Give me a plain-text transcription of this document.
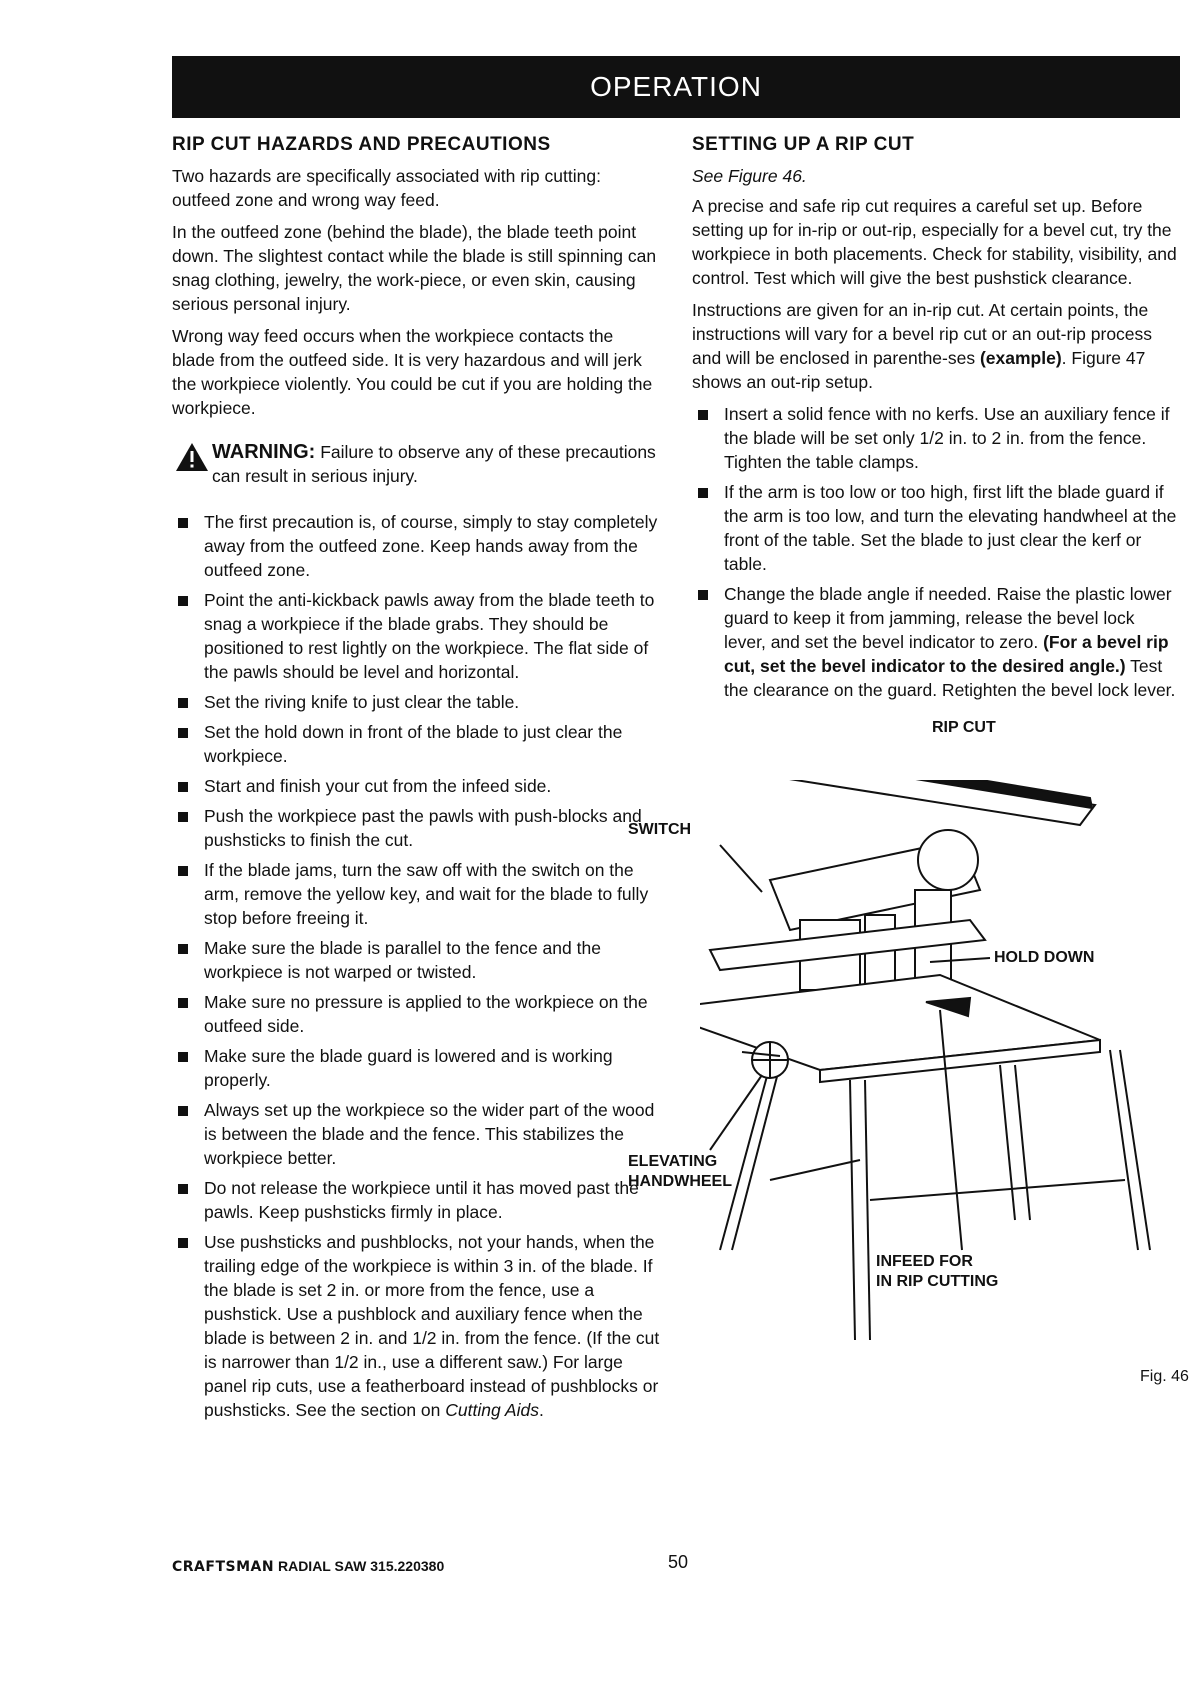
OPERATION
RIP CUT HAZARDS AND PRECAUTIONS

Two hazards are specifically associated with rip cutting: outfeed zone and wrong way feed.

In the outfeed zone (behind the blade), the blade teeth point down. The slightest contact while the blade is still spinning can snag clothing, jewelry, the work-piece, or even skin, causing serious personal injury.

Wrong way feed occurs when the workpiece contacts the blade from the outfeed side. It is very hazardous and will jerk the workpiece violently. You could be cut if you are holding the workpiece.

WARNING: Failure to observe any of these precautions can result in serious injury.

The first precaution is, of course, simply to stay completely away from the outfeed zone. Keep hands away from the outfeed zone.
Point the anti-kickback pawls away from the blade teeth to snag a workpiece if the blade grabs. They should be positioned to rest lightly on the workpiece. The flat side of the pawls should be level and horizontal.
Set the riving knife to just clear the table.
Set the hold down in front of the blade to just clear the workpiece.
Start and finish your cut from the infeed side.
Push the workpiece past the pawls with push-blocks and pushsticks to finish the cut.
If the blade jams, turn the saw off with the switch on the arm, remove the yellow key, and wait for the blade to fully stop before freeing it.
Make sure the blade is parallel to the fence and the workpiece is not warped or twisted.
Make sure no pressure is applied to the workpiece on the outfeed side.
Make sure the blade guard is lowered and is working properly.
Always set up the workpiece so the wider part of the wood is between the blade and the fence. This stabilizes the workpiece better.
Do not release the workpiece until it has moved past the pawls. Keep pushsticks firmly in place.
Use pushsticks and pushblocks, not your hands, when the trailing edge of the workpiece is within 3 in. of the blade. If the blade is set 2 in. or more from the fence, use a pushstick. Use a pushblock and auxiliary fence when the blade is between 2 in. and 1/2 in. from the fence. (If the cut is narrower than 1/2 in., use a different saw.) For large panel rip cuts, use a featherboard instead of pushblocks or pushsticks. See the section on Cutting Aids.
SETTING UP A RIP CUT

See Figure 46.

A precise and safe rip cut requires a careful set up. Before setting up for in-rip or out-rip, especially for a bevel cut, try the workpiece in both placements. Check for stability, visibility, and control. Test which will give the best pushstick clearance.

Instructions are given for an in-rip cut. At certain points, the instructions will vary for a bevel rip cut or an out-rip process and will be enclosed in parenthe-ses (example). Figure 47 shows an out-rip setup.

Insert a solid fence with no kerfs. Use an auxiliary fence if the blade will be set only 1/2 in. to 2 in. from the fence. Tighten the table clamps.
If the arm is too low or too high, first lift the blade guard if the arm is too low, and turn the elevating handwheel at the front of the table. Set the blade to just clear the kerf or table.
Change the blade angle if needed. Raise the plastic lower guard to keep it from jamming, release the bevel lock lever, and set the bevel indicator to zero. (For a bevel rip cut, set the bevel indicator to the desired angle.) Test the clearance on the guard. Retighten the bevel lock lever.
RIP CUT
SWITCH
HOLD DOWN
ELEVATING
HANDWHEEL
INFEED FOR
IN RIP CUTTING
Fig. 46
CRAFTSMAN RADIAL SAW 315.220380	50
